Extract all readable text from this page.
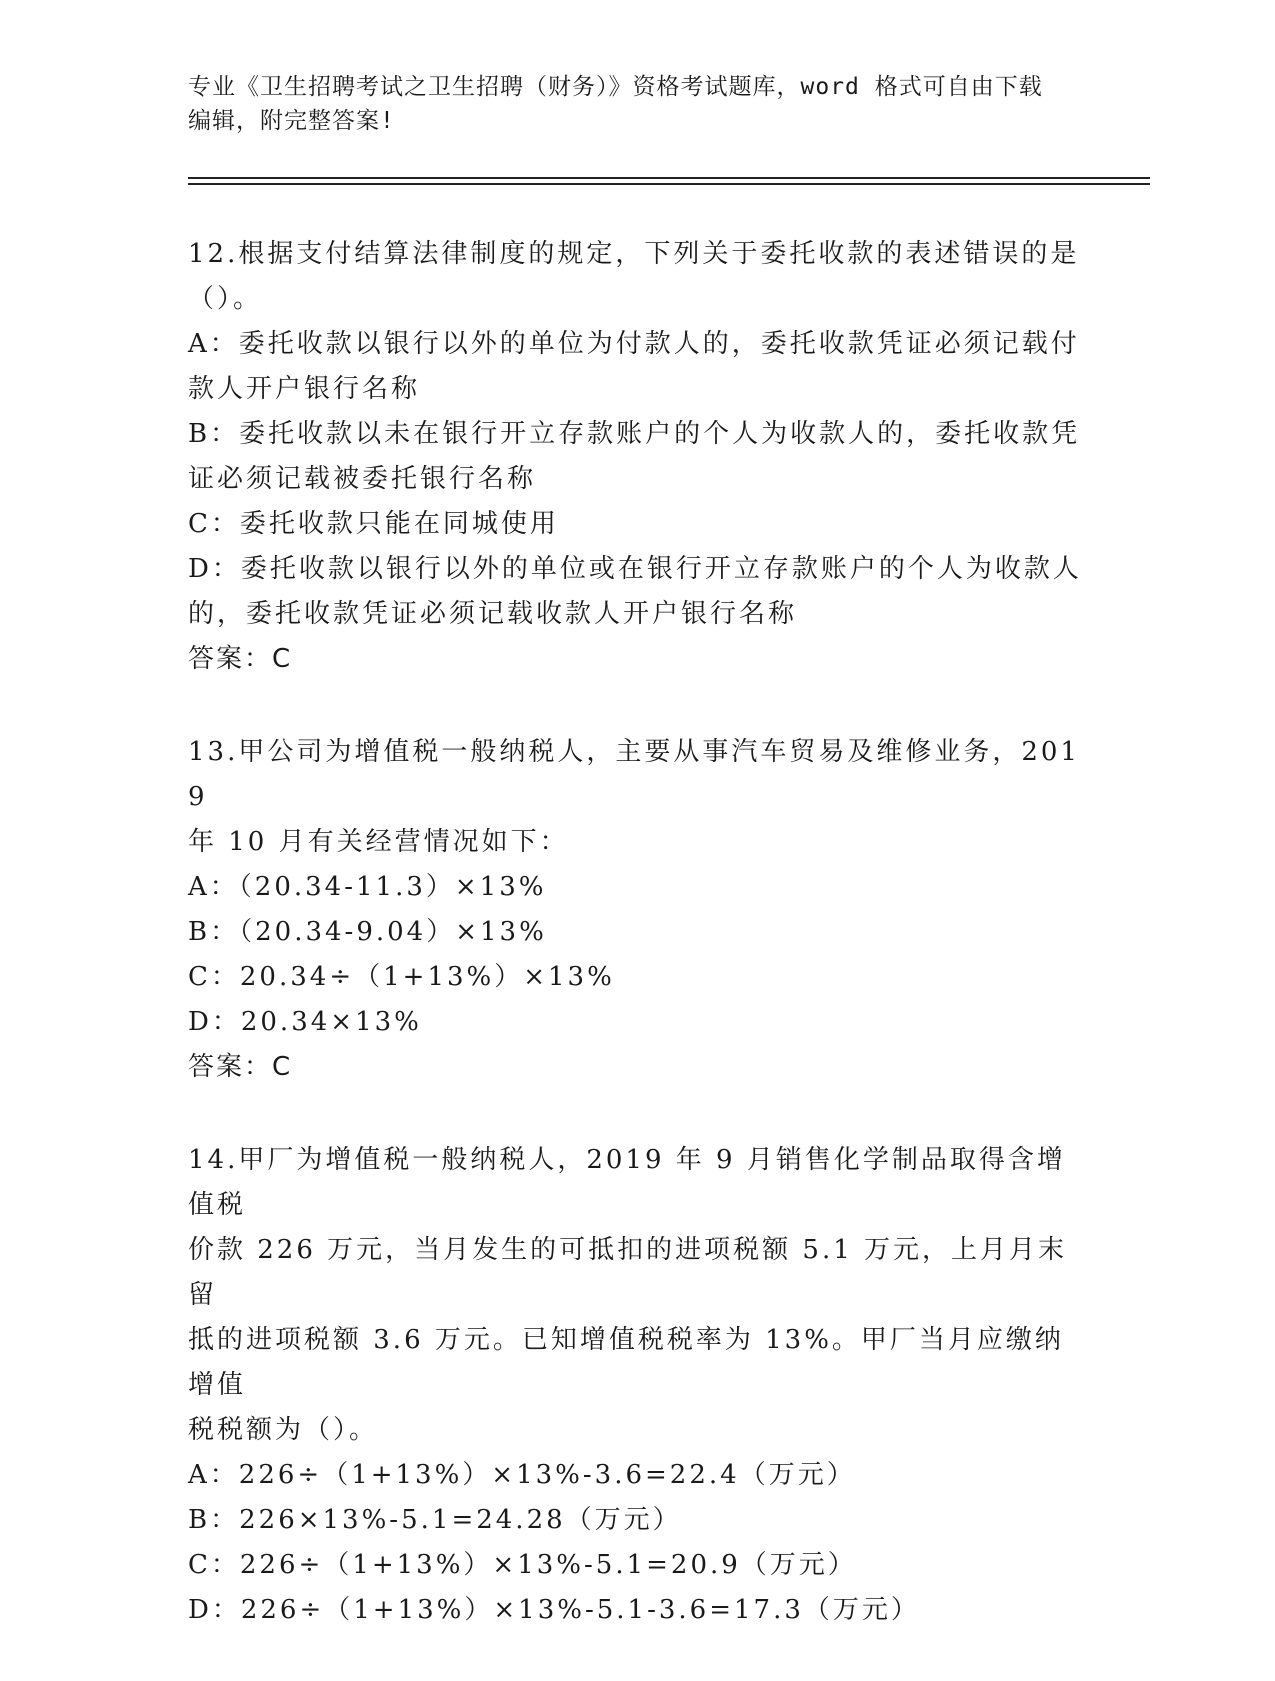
专业《卫生招聘考试之卫生招聘（财务）》资格考试题库，word 格式可自由下载
编辑，附完整答案!
12.根据支付结算法律制度的规定，下列关于委托收款的表述错误的是
（）。
A：委托收款以银行以外的单位为付款人的，委托收款凭证必须记载付
款人开户银行名称
B：委托收款以未在银行开立存款账户的个人为收款人的，委托收款凭
证必须记载被委托银行名称
C：委托收款只能在同城使用
D：委托收款以银行以外的单位或在银行开立存款账户的个人为收款人
的，委托收款凭证必须记载收款人开户银行名称
答案：C
13.甲公司为增值税一般纳税人，主要从事汽车贸易及维修业务，2019
年 10 月有关经营情况如下：
A：（20.34-11.3）×13%
B：（20.34-9.04）×13%
C：20.34÷（1+13%）×13%
D：20.34×13%
答案：C
14.甲厂为增值税一般纳税人，2019 年 9 月销售化学制品取得含增值税
价款 226 万元，当月发生的可抵扣的进项税额 5.1 万元，上月月末留
抵的进项税额 3.6 万元。已知增值税税率为 13%。甲厂当月应缴纳增值
税税额为（）。
A：226÷（1+13%）×13%-3.6=22.4（万元）
B：226×13%-5.1=24.28（万元）
C：226÷（1+13%）×13%-5.1=20.9（万元）
D：226÷（1+13%）×13%-5.1-3.6=17.3（万元）
